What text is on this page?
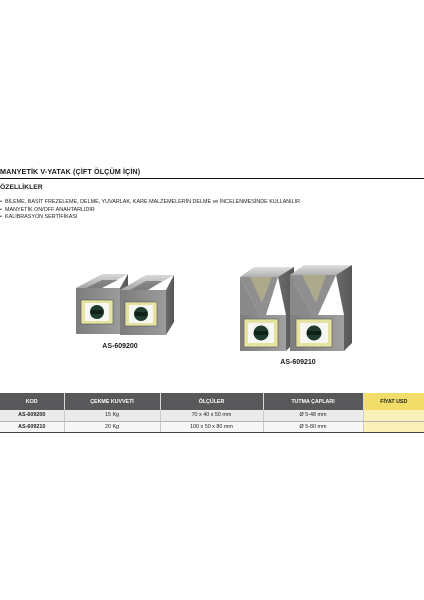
MANYETİK V-YATAK (ÇİFT ÖLÇÜM İÇİN)
ÖZELLİKLER
• BİLEME, BASİT FREZELEME, DELME, YUVARLAK, KARE MALZEMELERİN DELME ve İNCELENMESİNDE KULLANILIR
• MANYETİK ON/OFF ANAHTARLIDIR
• KALİBRASYON SERTİFİKASI
AS-609200
AS-609210
KOD	ÇEKME KUVVETİ	ÖLÇÜLER	TUTMA ÇAPLARI	FİYAT USD
AS-609200	15 Kg	70 x 40 x 50 mm	Ø 5-48 mm	
AS-609210	20 Kg	100 x 50 x 80 mm	Ø 5-80 mm	
